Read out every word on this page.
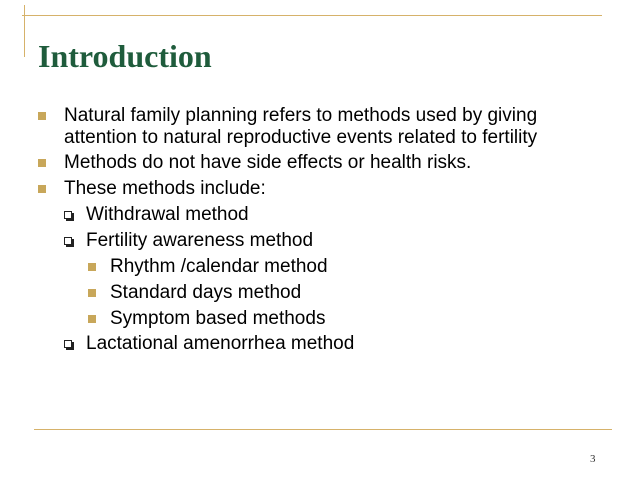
Introduction
Natural family planning refers to methods used by giving
attention to natural reproductive events related to fertility
Methods do not have side effects or health risks.
These methods include:
Withdrawal method
Fertility awareness method
Rhythm /calendar method
Standard days method
Symptom based methods
Lactational amenorrhea method
3
